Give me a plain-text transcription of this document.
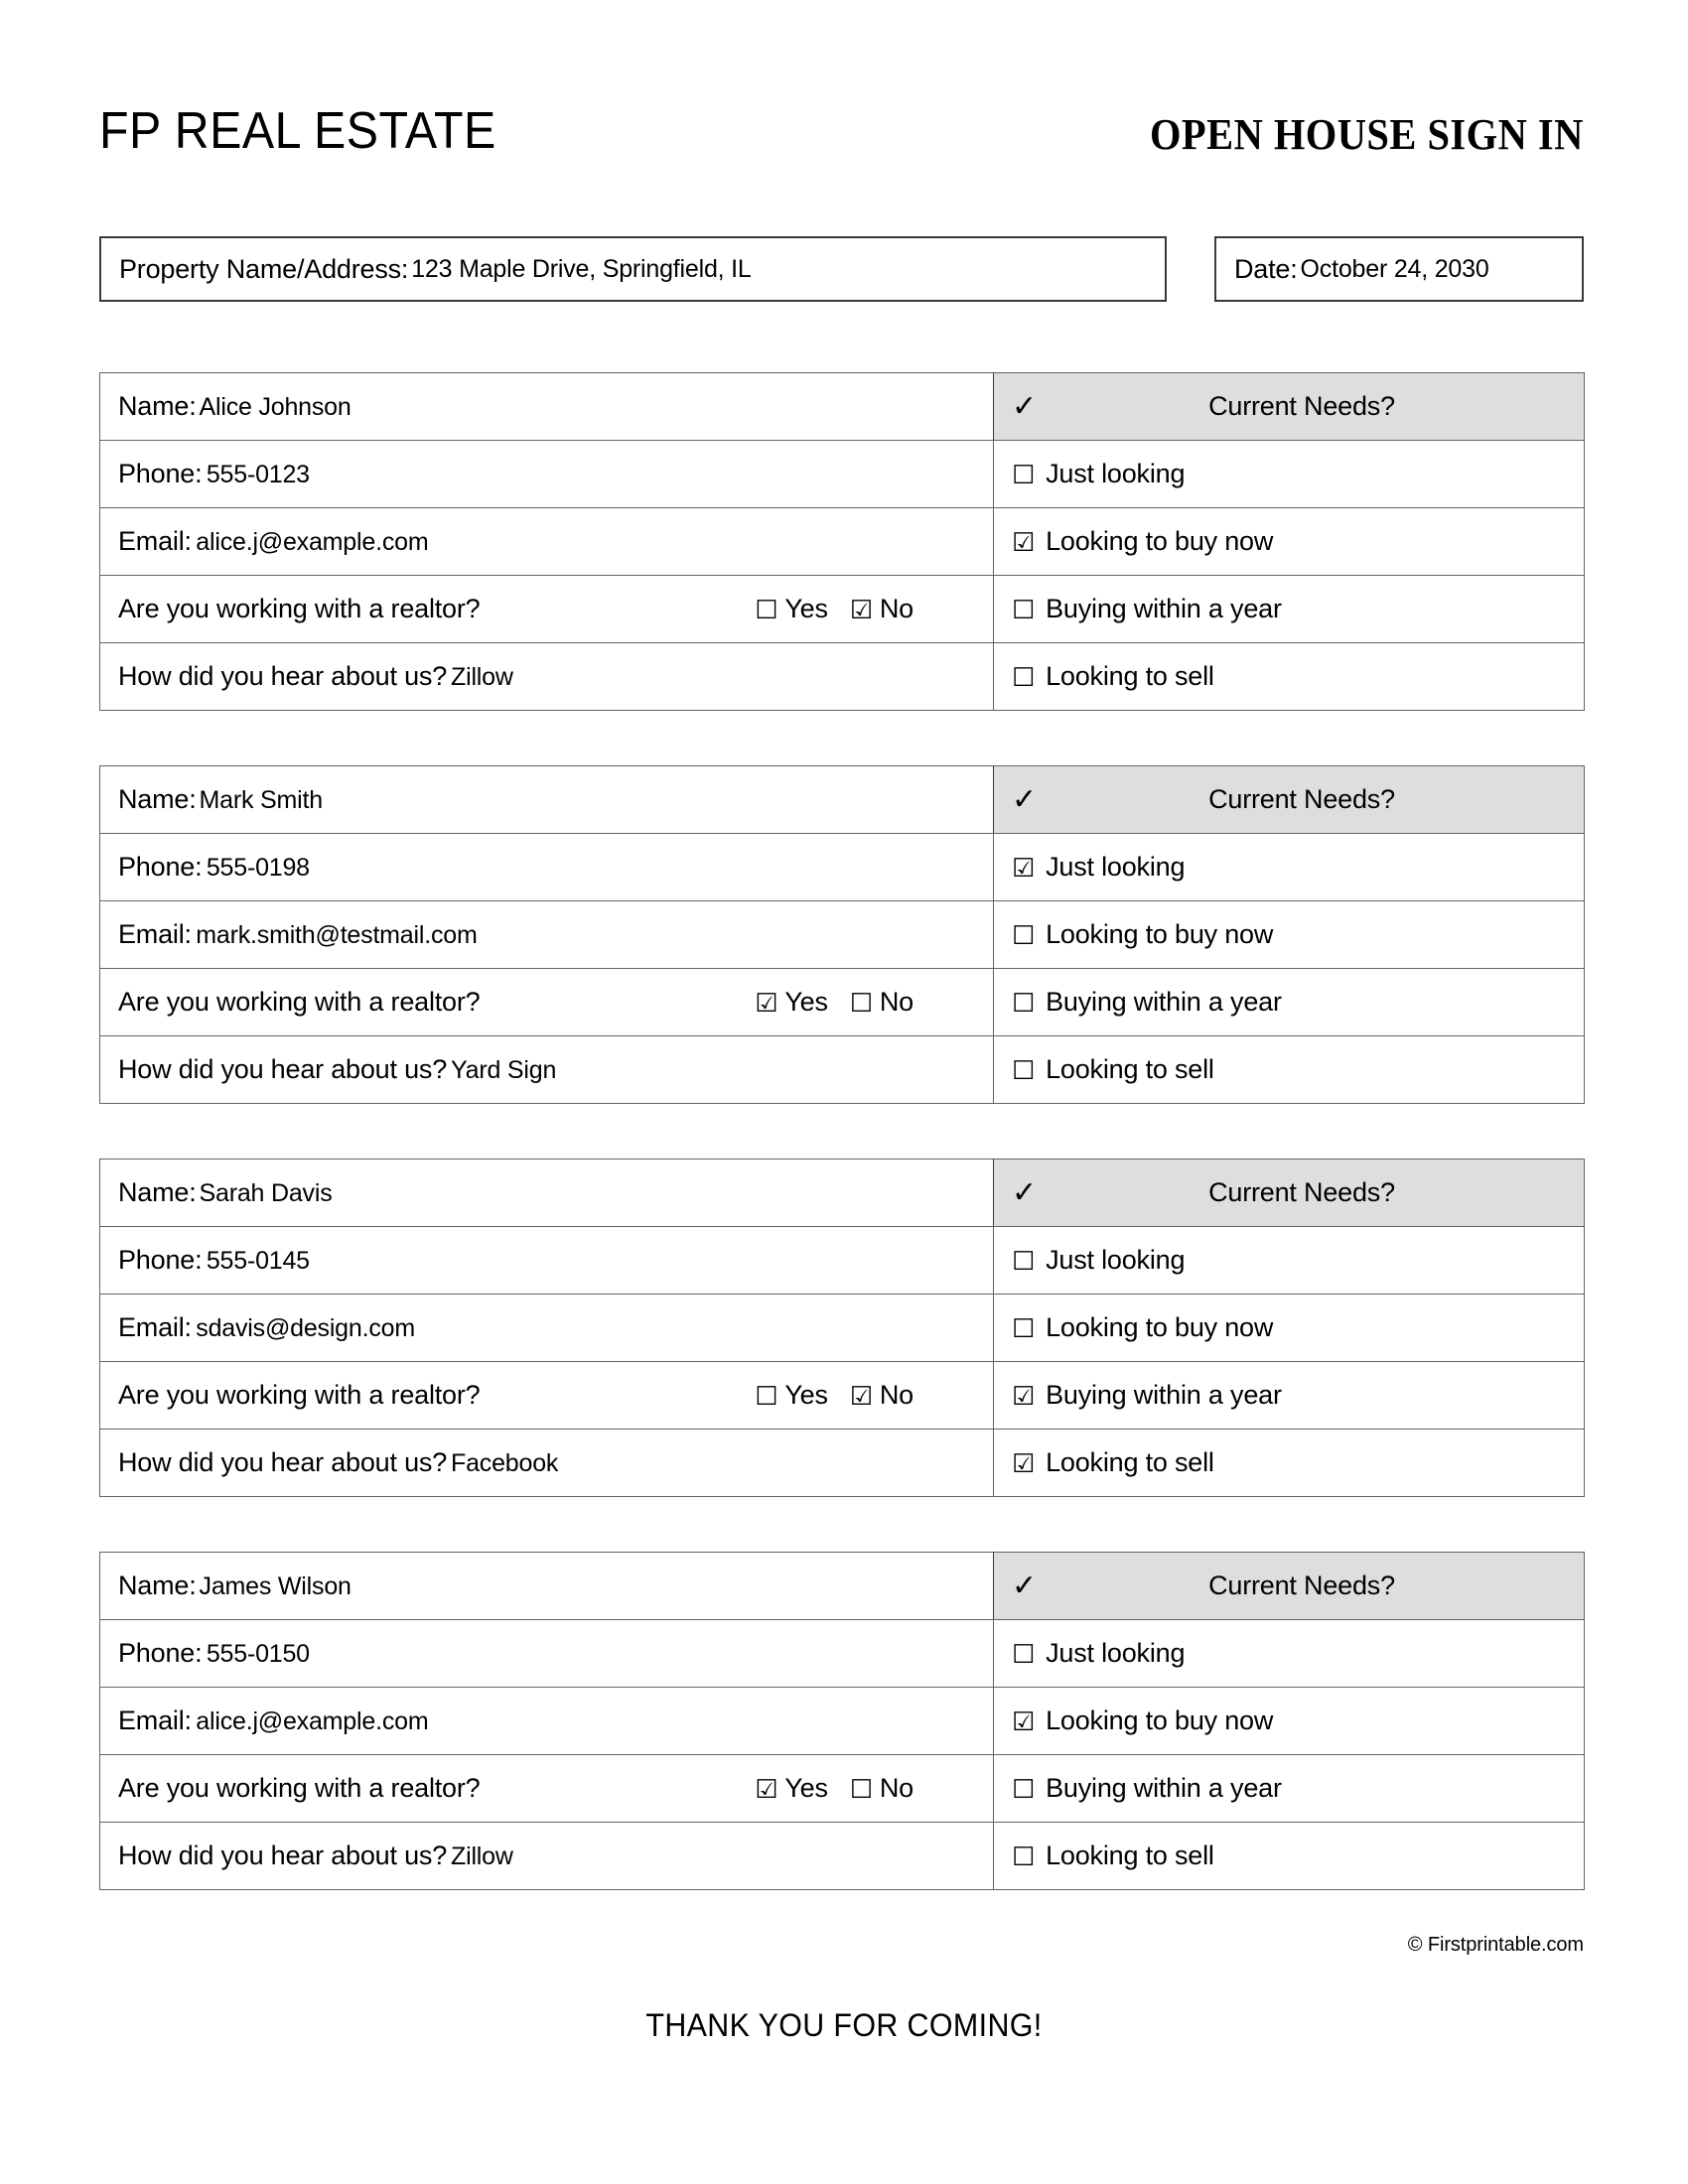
FP REAL ESTATE	OPEN HOUSE SIGN IN
Property Name/Address: 123 Maple Drive, Springfield, IL	Date: October 24, 2030
Name: Alice Johnson	✓ Current Needs?

Phone: 555-0123	☐ Just looking

Email: alice.j@example.com	☑ Looking to buy now

Are you working with a realtor? ☐ Yes ☑ No	☐ Buying within a year

How did you hear about us? Zillow	☐ Looking to sell
Name: Mark Smith	✓ Current Needs?

Phone: 555-0198	☑ Just looking

Email: mark.smith@testmail.com	☐ Looking to buy now

Are you working with a realtor? ☑ Yes ☐ No	☐ Buying within a year

How did you hear about us? Yard Sign	☐ Looking to sell
Name: Sarah Davis	✓ Current Needs?

Phone: 555-0145	☐ Just looking

Email: sdavis@design.com	☐ Looking to buy now

Are you working with a realtor? ☐ Yes ☑ No	☑ Buying within a year

How did you hear about us? Facebook	☑ Looking to sell
Name: James Wilson	✓ Current Needs?

Phone: 555-0150	☐ Just looking

Email: alice.j@example.com	☑ Looking to buy now

Are you working with a realtor? ☑ Yes ☐ No	☐ Buying within a year

How did you hear about us? Zillow	☐ Looking to sell
© Firstprintable.com
THANK YOU FOR COMING!
